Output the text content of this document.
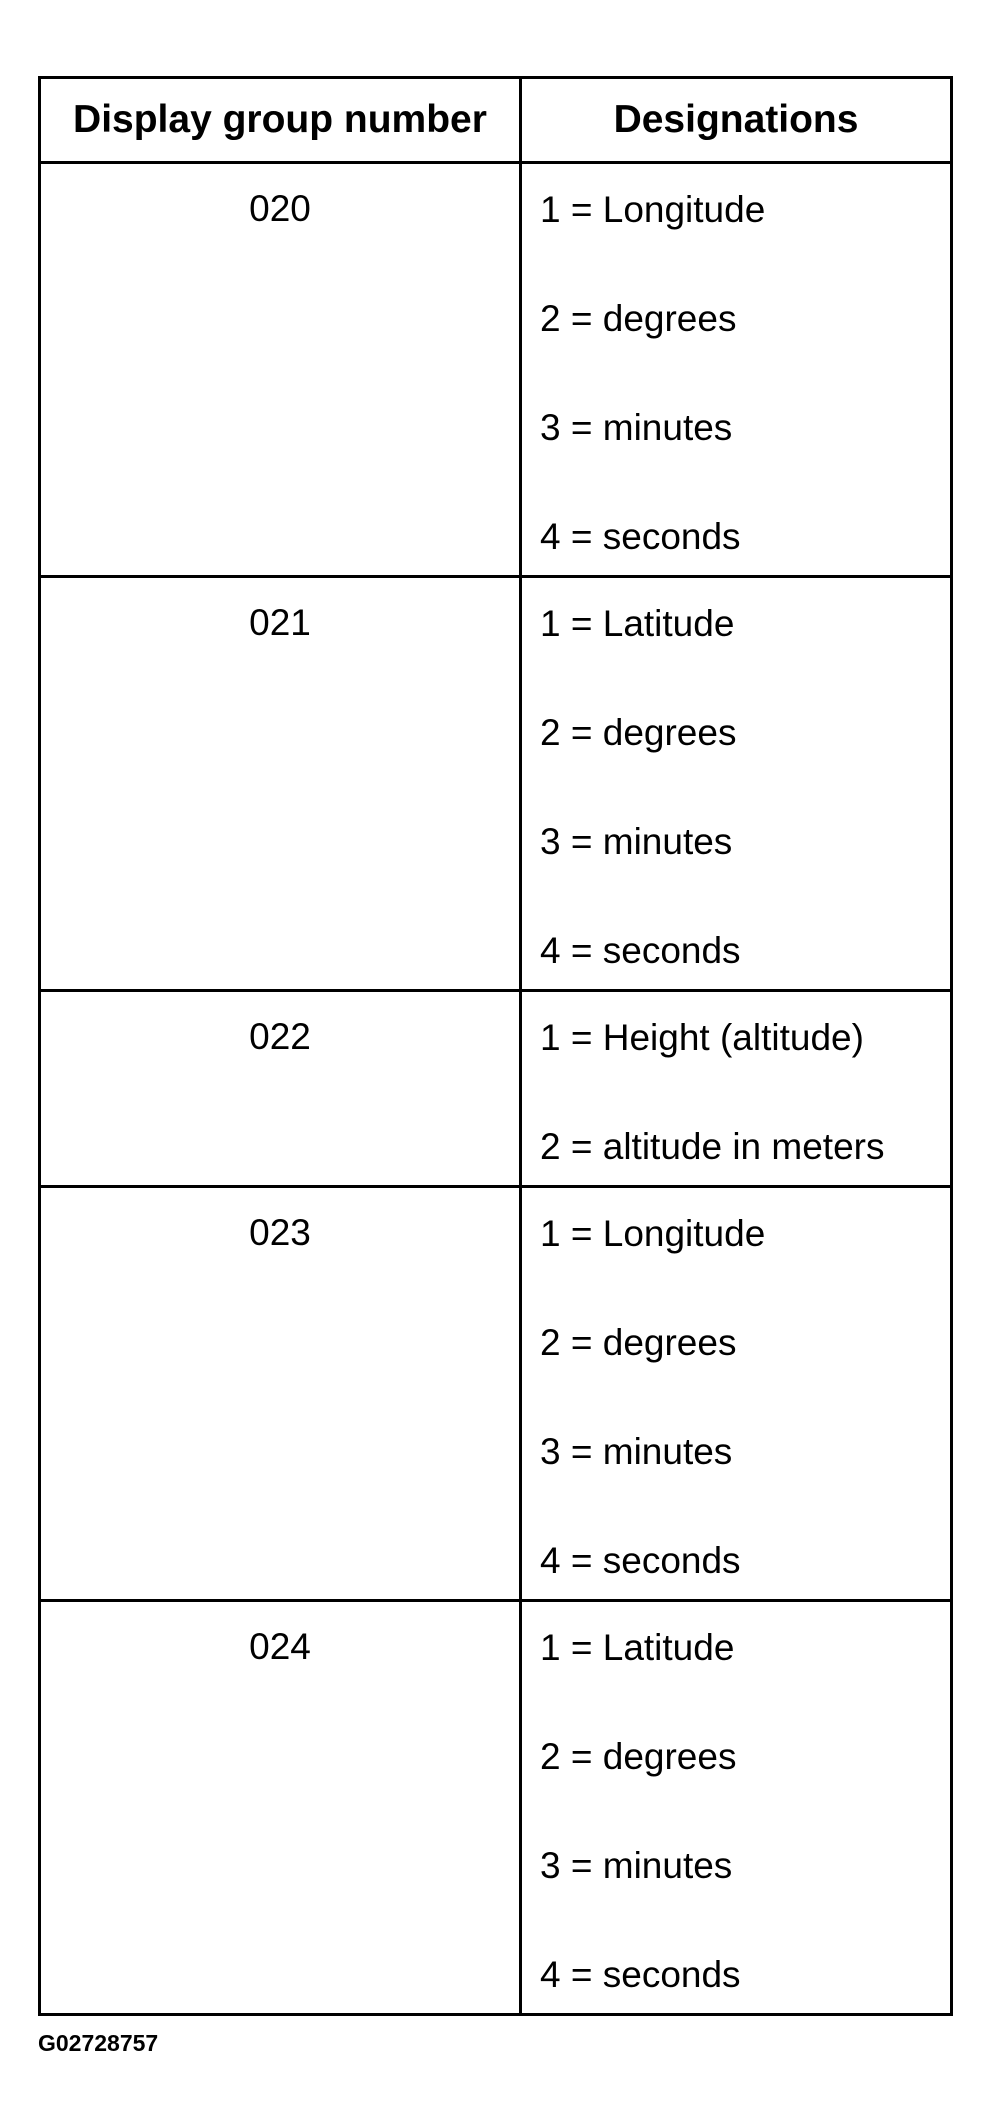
Display group number	Designations
020	1 = Longitude
2 = degrees
3 = minutes
4 = seconds
021	1 = Latitude
2 = degrees
3 = minutes
4 = seconds
022	1 = Height (altitude)
2 = altitude in meters
023	1 = Longitude
2 = degrees
3 = minutes
4 = seconds
024	1 = Latitude
2 = degrees
3 = minutes
4 = seconds
G02728757
